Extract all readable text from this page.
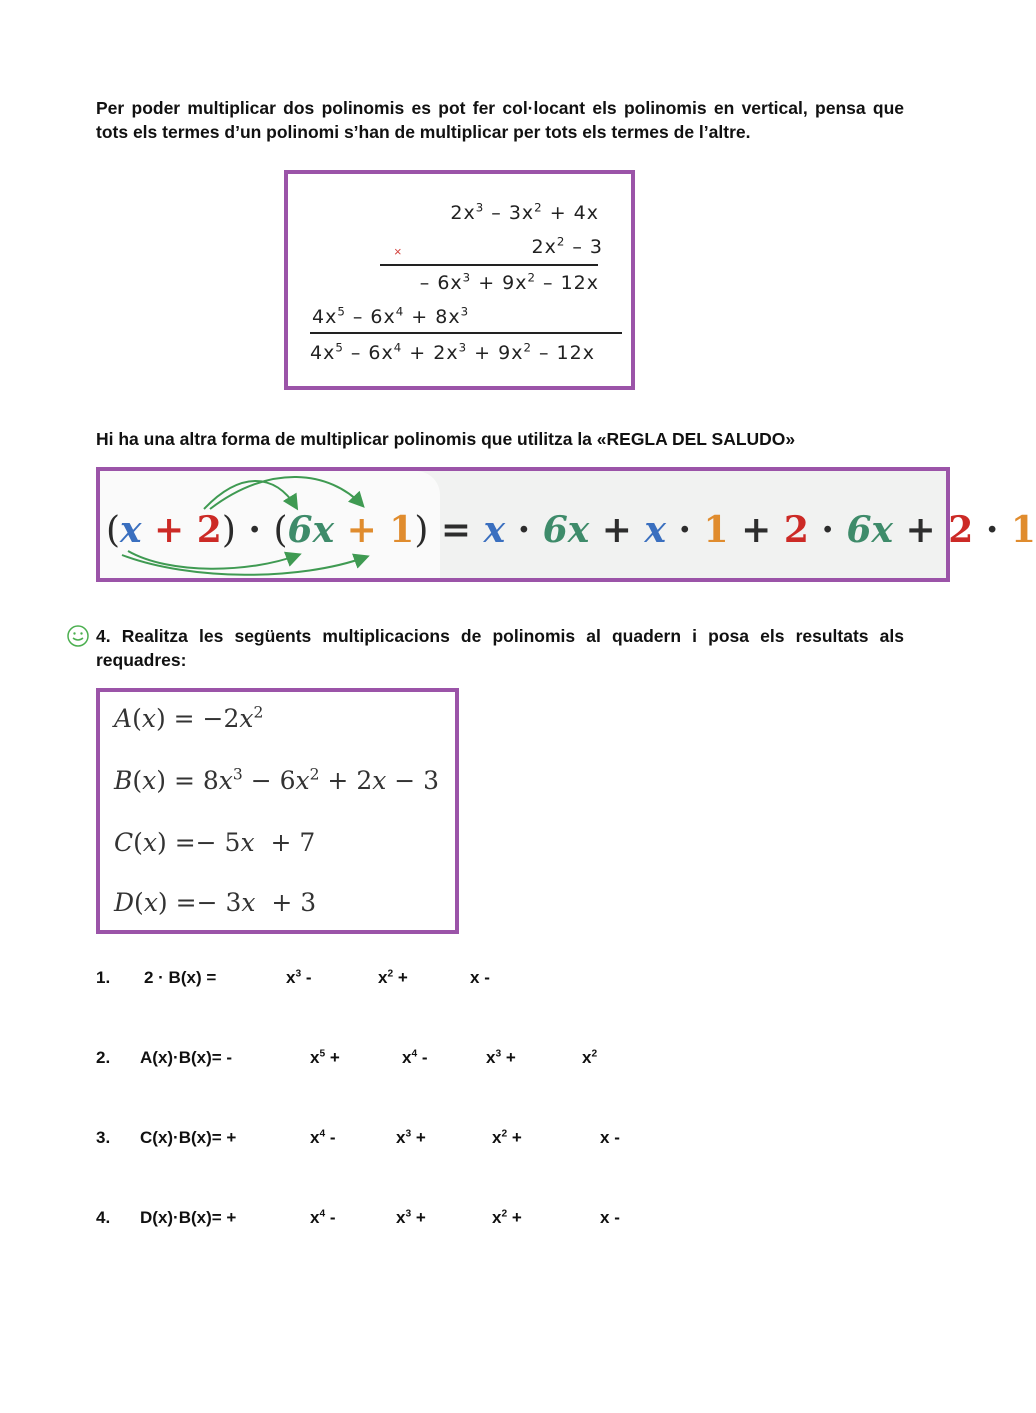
Per poder multiplicar dos polinomis es pot fer col·locant els polinomis en vertical, pensa que tots els termes d’un polinomi s’han de multiplicar per tots els termes de l’altre.
$2x^3 - 3x^2 + 4x$
×	$2x^2 - 3$
– $6x^3 + 9x^2 - 12x$
$4x^5 - 6x^4 + 8x^3$
$4x^5 - 6x^4 + 2x^3 + 9x^2 - 12x$
Hi ha una altra forma de multiplicar polinomis que utilitza la «REGLA DEL SALUDO»
(x + 2) · (6x + 1) = x · 6x + x · 1 + 2 · 6x + 2 · 1
4. Realitza les següents multiplicacions de polinomis al quadern i posa els resultats als requadres:
$A(x) = -2x^2$
$B(x) = 8x^3 - 6x^2 + 2x - 3$
C(x) =− 5x  + 7
D(x) =− 3x  + 3
1. 2 · B(x) =	$x^3$ -	$x^2$ +	x -
2. A(x)·B(x)= -	$x^5$ +	$x^4$ -	$x^3$ +	$x^2$
3. C(x)·B(x)= +	$x^4$ -	$x^3$ +	$x^2$ +	x -
4. D(x)·B(x)= +	$x^4$ -	$x^3$ +	$x^2$ +	x -
